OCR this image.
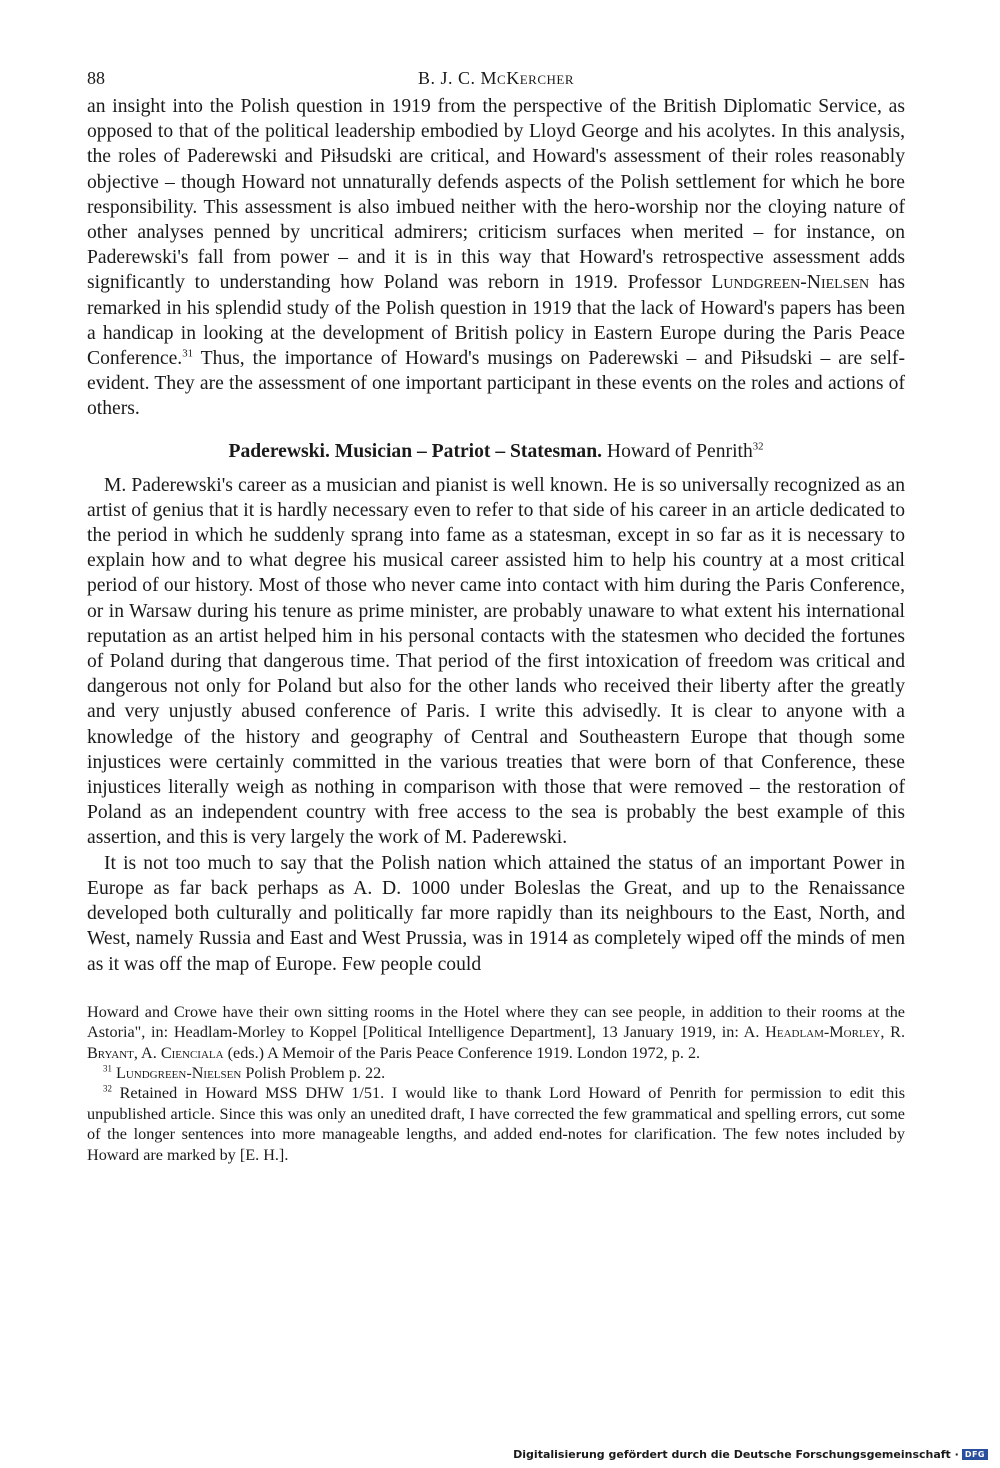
88	B. J. C. McKercher

an insight into the Polish question in 1919 from the perspective of the British Diplomatic Service, as opposed to that of the political leadership embodied by Lloyd George and his acolytes. In this analysis, the roles of Paderewski and Piłsudski are critical, and Howard's assessment of their roles reasonably objective – though Howard not unnaturally defends aspects of the Polish settlement for which he bore responsibility. This assessment is also imbued neither with the hero-worship nor the cloying nature of other analyses penned by uncritical admirers; criticism surfaces when merited – for instance, on Paderewski's fall from power – and it is in this way that Howard's retrospective assessment adds significantly to understanding how Poland was reborn in 1919. Professor Lundgreen-Nielsen has remarked in his splendid study of the Polish question in 1919 that the lack of Howard's papers has been a handicap in looking at the development of British policy in Eastern Europe during the Paris Peace Conference.$^{31}$ Thus, the importance of Howard's musings on Paderewski – and Piłsudski – are self-evident. They are the assessment of one important participant in these events on the roles and actions of others.

Paderewski. Musician – Patriot – Statesman. Howard of Penrith$^{32}$

M. Paderewski's career as a musician and pianist is well known. He is so universally recognized as an artist of genius that it is hardly necessary even to refer to that side of his career in an article dedicated to the period in which he suddenly sprang into fame as a statesman, except in so far as it is necessary to explain how and to what degree his musical career assisted him to help his country at a most critical period of our history. Most of those who never came into contact with him during the Paris Conference, or in Warsaw during his tenure as prime minister, are probably unaware to what extent his international reputation as an artist helped him in his personal contacts with the statesmen who decided the fortunes of Poland during that dangerous time. That period of the first intoxication of freedom was critical and dangerous not only for Poland but also for the other lands who received their liberty after the greatly and very unjustly abused conference of Paris. I write this advisedly. It is clear to anyone with a knowledge of the history and geography of Central and Southeastern Europe that though some injustices were certainly committed in the various treaties that were born of that Conference, these injustices literally weigh as nothing in comparison with those that were removed – the restoration of Poland as an independent country with free access to the sea is probably the best example of this assertion, and this is very largely the work of M. Paderewski.

It is not too much to say that the Polish nation which attained the status of an important Power in Europe as far back perhaps as A. D. 1000 under Boleslas the Great, and up to the Renaissance developed both culturally and politically far more rapidly than its neighbours to the East, North, and West, namely Russia and East and West Prussia, was in 1914 as completely wiped off the minds of men as it was off the map of Europe. Few people could

Howard and Crowe have their own sitting rooms in the Hotel where they can see people, in addition to their rooms at the Astoria", in: Headlam-Morley to Koppel [Political Intelligence Department], 13 January 1919, in: A. Headlam-Morley, R. Bryant, A. Cienciala (eds.) A Memoir of the Paris Peace Conference 1919. London 1972, p. 2.

$^{31}$ Lundgreen-Nielsen Polish Problem p. 22.

$^{32}$ Retained in Howard MSS DHW 1/51. I would like to thank Lord Howard of Penrith for permission to edit this unpublished article. Since this was only an unedited draft, I have corrected the few grammatical and spelling errors, cut some of the longer sentences into more manageable lengths, and added end-notes for clarification. The few notes included by Howard are marked by [E. H.].

Digitalisierung gefördert durch die Deutsche Forschungsgemeinschaft · DFG
